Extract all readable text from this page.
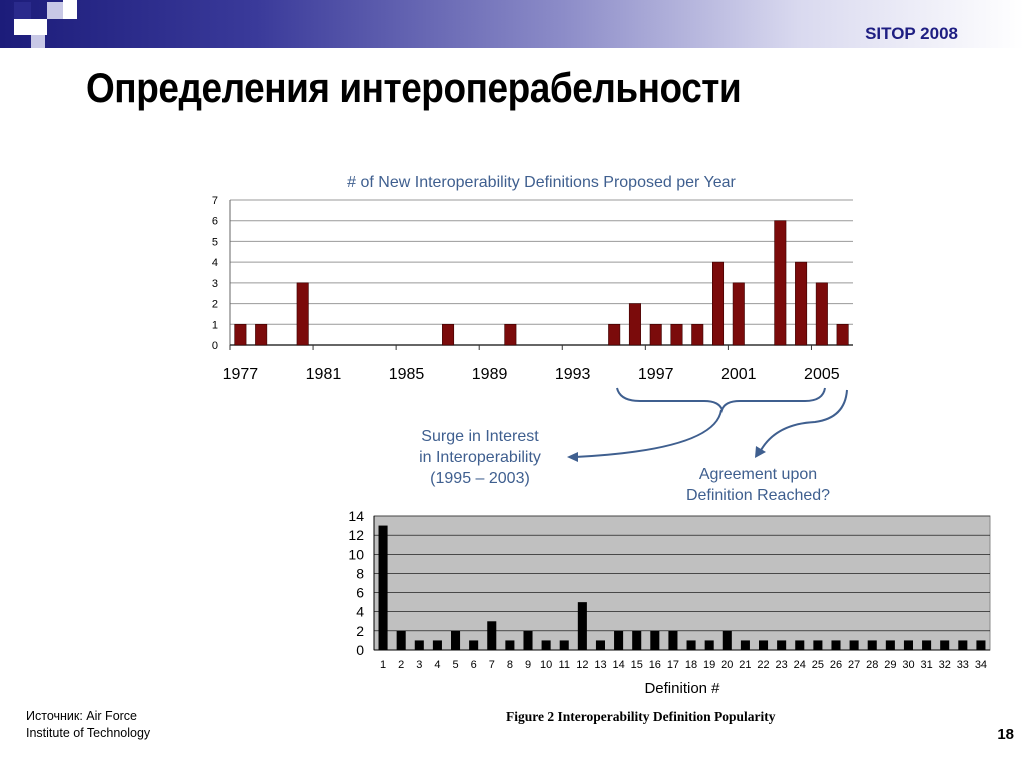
SITOP 2008
Определения интероперабельности
# of New Interoperability Definitions Proposed per Year
0
1
2
3
4
5
6
7
1977	1981	1985	1989	1993	1997	2001	2005
Surge in Interest
in Interoperability
(1995 – 2003)	Agreement upon
Definition Reached?
0
2
4
6
8
10
12
14
1 2 3 4 5 6 7 8 9 10 11 12 13 14 15 16 17 18 19 20 21 22 23 24 25 26 27 28 29 30 31 32 33 34
Definition #
Figure 2 Interoperability Definition Popularity
Источник: Air Force
Institute of Technology	18
